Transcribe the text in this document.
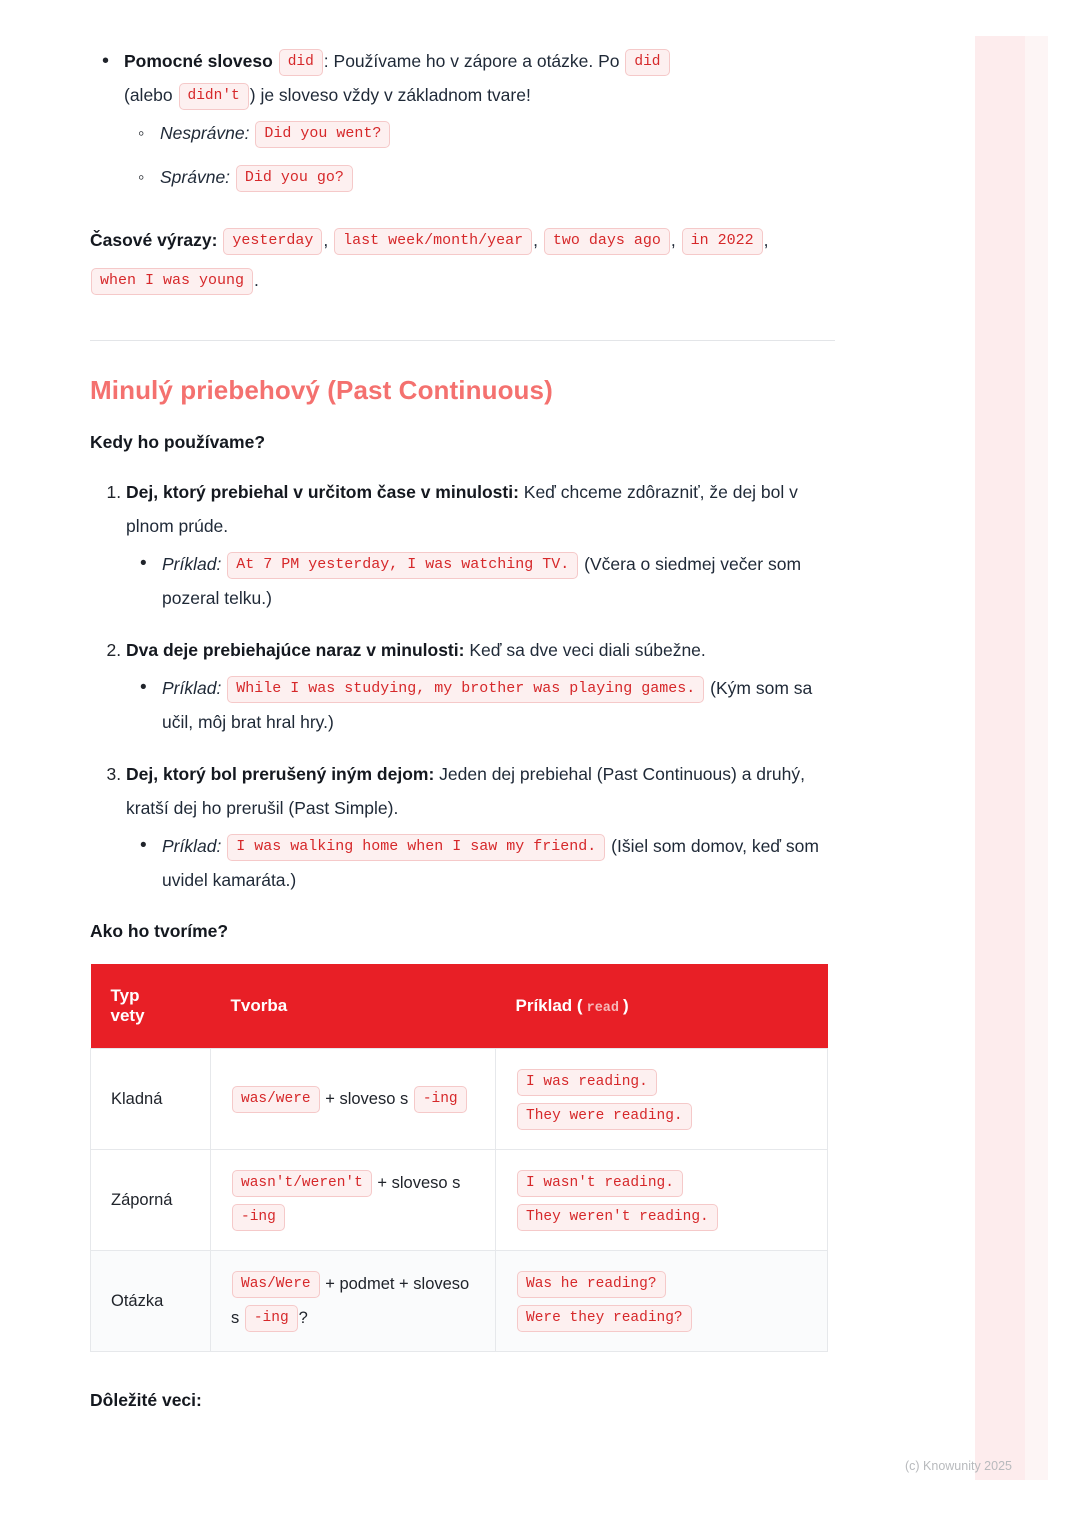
• Pomocné sloveso did : Používame ho v zápore a otázke. Po did
(alebo didn't ) je sloveso vždy v základnom tvare!
◦ Nesprávne: Did you went?
◦ Správne: Did you go?
Časové výrazy: yesterday , last week/month/year , two days ago , in 2022 , when I was young .
Minulý priebehový (Past Continuous)
Kedy ho používame?
1. Dej, ktorý prebiehal v určitom čase v minulosti: Keď chceme zdôrazniť, že dej bol v plnom prúde.
• Príklad: At 7 PM yesterday, I was watching TV. (Včera o siedmej večer som pozeral telku.)
2. Dva deje prebiehajúce naraz v minulosti: Keď sa dve veci diali súbežne.
• Príklad: While I was studying, my brother was playing games. (Kým som sa učil, môj brat hral hry.)
3. Dej, ktorý bol prerušený iným dejom: Jeden dej prebiehal (Past Continuous) a druhý, kratší dej ho prerušil (Past Simple).
• Príklad: I was walking home when I saw my friend. (Išiel som domov, keď som uvidel kamaráta.)
Ako ho tvoríme?
Typ
vety	Tvorba	Príklad ( read )
Kladná	was/were + sloveso s -ing	I was reading. They were reading.
Záporná	wasn't/weren't + sloveso s -ing	I wasn't reading. They weren't reading.
Otázka	Was/Were + podmet + sloveso s -ing ?	Was he reading? Were they reading?
Dôležité veci:
(c) Knowunity 2025
